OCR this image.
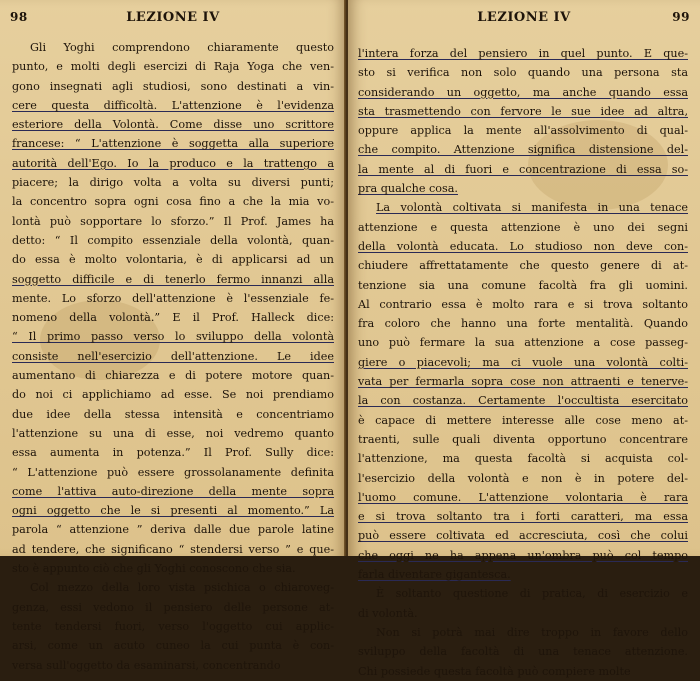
98	LEZIONE IV
Gli Yoghi comprendono chiaramente questo
punto, e molti degli esercizi di Raja Yoga che ven-
gono insegnati agli studiosi, sono destinati a vin-
cere questa difficoltà. L'attenzione è l'evidenza
esteriore della Volontà. Come disse uno scrittore
francese: “ L'attenzione è soggetta alla superiore
autorità dell'Ego. Io la produco e la trattengo a
piacere; la dirigo volta a volta su diversi punti;
la concentro sopra ogni cosa fino a che la mia vo-
lontà può sopportare lo sforzo.” Il Prof. James ha
detto: “ Il compito essenziale della volontà, quan-
do essa è molto volontaria, è di applicarsi ad un
soggetto difficile e di tenerlo fermo innanzi alla
mente. Lo sforzo dell'attenzione è l'essenziale fe-
nomeno della volontà.” E il Prof. Halleck dice:
“ Il primo passo verso lo sviluppo della volontà
consiste nell'esercizio dell'attenzione. Le idee
aumentano di chiarezza e di potere motore quan-
do noi ci applichiamo ad esse. Se noi prendiamo
due idee della stessa intensità e concentriamo
l'attenzione su una di esse, noi vedremo quanto
essa aumenta in potenza.” Il Prof. Sully dice:
“ L'attenzione può essere grossolanamente definita
come l'attiva auto-direzione della mente sopra
ogni oggetto che le si presenti al momento.” La
parola “ attenzione ” deriva dalle due parole latine
ad tendere, che significano “ stendersi verso ” e que-
sto è appunto ciò che gli Yoghi conoscono che sia.
Col mezzo della loro vista psichica o chiaroveg-
genza, essi vedono il pensiero delle persone at-
tente tendersi fuori, verso l'oggetto cui applic-
arsi, come un acuto cuneo la cui punta è con-
versa sull'oggetto da esaminarsi, concentrando
LEZIONE IV	99
l'intera forza del pensiero in quel punto. E que-
sto si verifica non solo quando una persona sta
considerando un oggetto, ma anche quando essa
sta trasmettendo con fervore le sue idee ad altra,
oppure applica la mente all'assolvimento di qual-
che compito. Attenzione significa distensione del-
la mente al di fuori e concentrazione di essa so-
pra qualche cosa.
La volontà coltivata si manifesta in una tenace
attenzione e questa attenzione è uno dei segni
della volontà educata. Lo studioso non deve con-
chiudere affrettatamente che questo genere di at-
tenzione sia una comune facoltà fra gli uomini.
Al contrario essa è molto rara e si trova soltanto
fra coloro che hanno una forte mentalità. Quando
uno può fermare la sua attenzione a cose passeg-
giere o piacevoli; ma ci vuole una volontà colti-
vata per fermarla sopra cose non attraenti e tenerve-
la con costanza. Certamente l'occultista esercitato
è capace di mettere interesse alle cose meno at-
traenti, sulle quali diventa opportuno concentrare
l'attenzione, ma questa facoltà si acquista col-
l'esercizio della volontà e non è in potere del-
l'uomo comune. L'attenzione volontaria è rara
e si trova soltanto tra i forti caratteri, ma essa
può essere coltivata ed accresciuta, così che colui
che oggi ne ha appena un'ombra può col tempo
farla diventare gigantesca.
È soltanto questione di pratica, di esercizio e
di volontà.
Non si potrà mai dire troppo in favore dello
sviluppo della facoltà di una tenace attenzione.
Chi possiede questa facoltà può compiere molte
